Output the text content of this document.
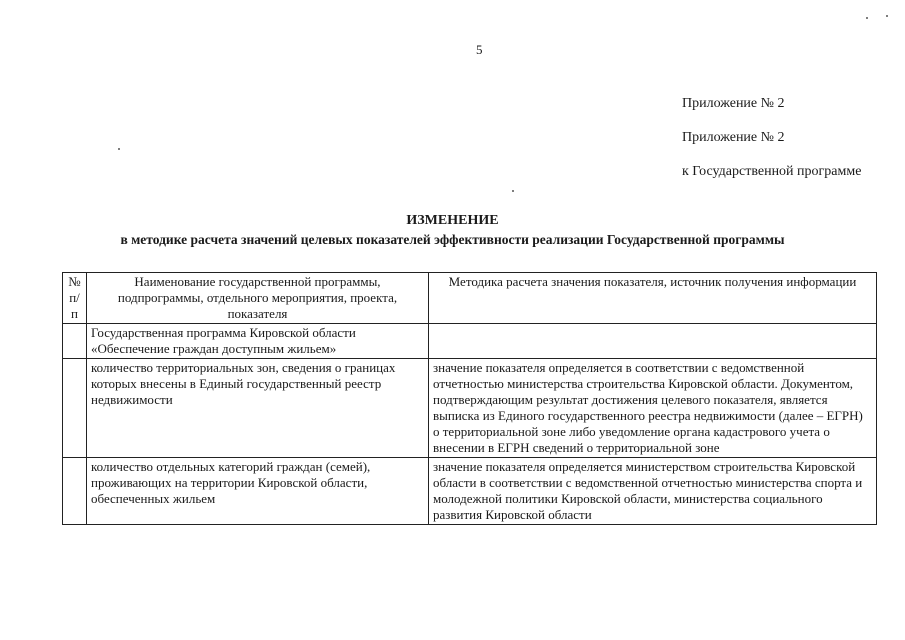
5
Приложение № 2
Приложение № 2
к Государственной программе
ИЗМЕНЕНИЕ
в методике расчета значений целевых показателей эффективности реализации Государственной программы
№ п/п	Наименование государственной программы, подпрограммы, отдельного мероприятия, проекта, показателя	Методика расчета значения показателя, источник получения информации
	Государственная программа Кировской области «Обеспечение граждан доступным жильем»	
	количество территориальных зон, сведения о границах которых внесены в Единый государственный реестр недвижимости	значение показателя определяется в соответствии с ведомственной отчетностью министерства строительства Кировской области. Документом, подтверждающим результат достижения целевого показателя, является выписка из Единого государственного реестра недвижимости (далее – ЕГРН) о территориальной зоне либо уведомление органа кадастрового учета о внесении в ЕГРН сведений о территориальной зоне
	количество отдельных категорий граждан (семей), проживающих на территории Кировской области, обеспеченных жильем	значение показателя определяется министерством строительства Кировской области в соответствии с ведомственной отчетностью министерства спорта и молодежной политики Кировской области, министерства социального развития Кировской области
